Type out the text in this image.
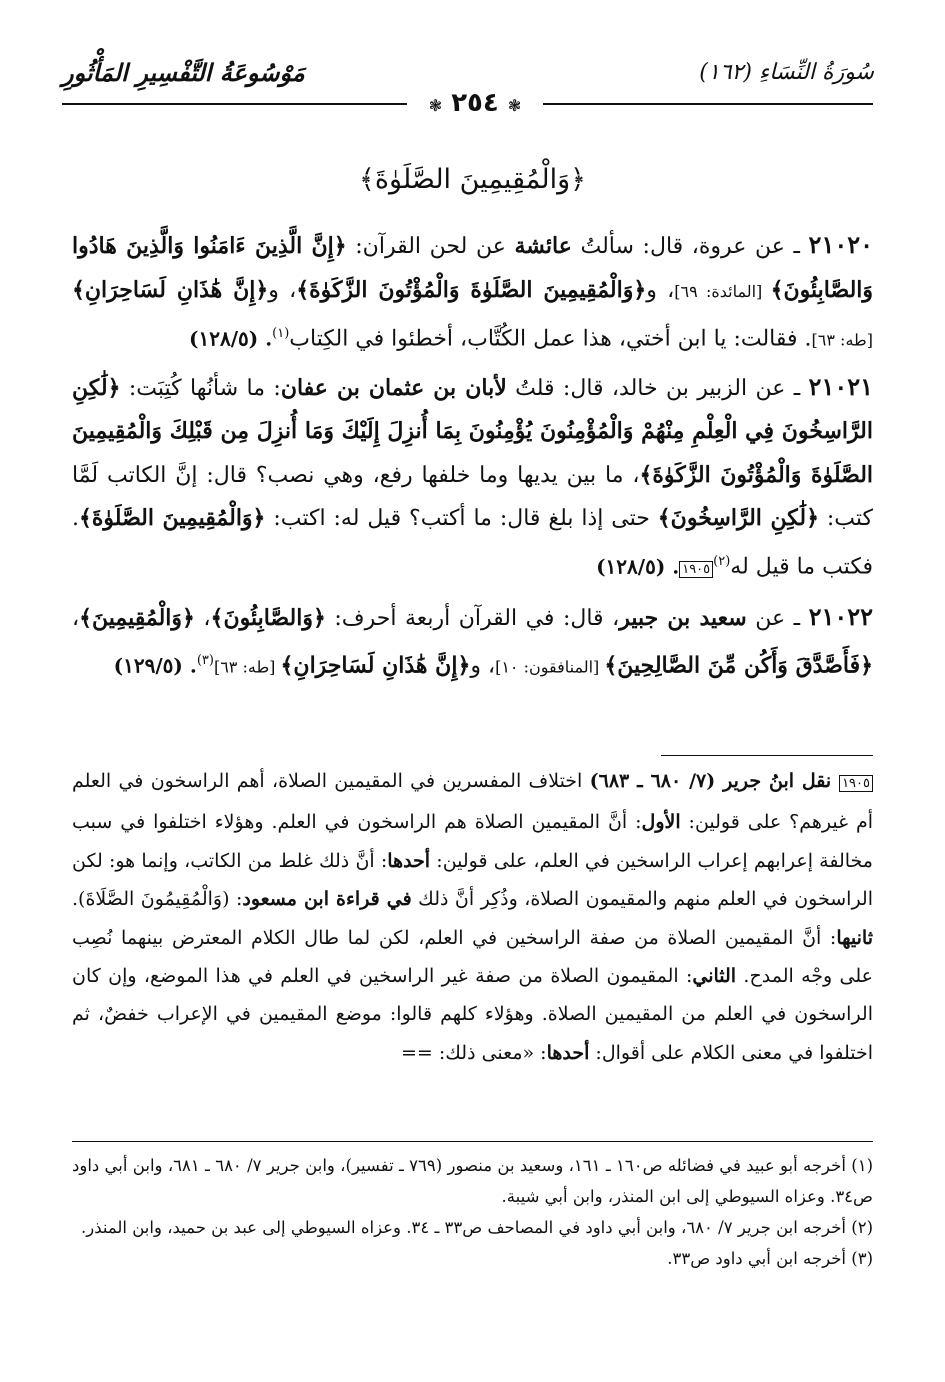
سُورَةُ النِّسَاءِ (١٦٢)
مَوْسُوعَةُ التَّفْسِيرِ المَأْثُورِ
❃ ٢٥٤ ❃
﴿وَالْمُقِيمِينَ الصَّلَوٰةَ﴾

٢١٠٢٠ ـ عن عروة، قال: سألتُ عائشة عن لحن القرآن: ﴿إِنَّ الَّذِينَ ءَامَنُوا وَالَّذِينَ هَادُوا وَالصَّابِئُونَ﴾ [المائدة: ٦٩]، و﴿وَالْمُقِيمِينَ الصَّلَوٰةَ وَالْمُؤْتُونَ الزَّكَوٰةَ﴾، و﴿إِنَّ هَٰذَانِ لَسَاحِرَانِ﴾ [طه: ٦٣]. فقالت: يا ابن أختي، هذا عمل الكُتَّاب، أخطئوا في الكِتاب$^{(١)}$. (١٢٨/٥)

٢١٠٢١ ـ عن الزبير بن خالد، قال: قلتُ لأبان بن عثمان بن عفان: ما شأنُها كُتِبَت: ﴿لَٰكِنِ الرَّاسِخُونَ فِي الْعِلْمِ مِنْهُمْ وَالْمُؤْمِنُونَ يُؤْمِنُونَ بِمَا أُنزِلَ إِلَيْكَ وَمَا أُنزِلَ مِن قَبْلِكَ وَالْمُقِيمِينَ الصَّلَوٰةَ وَالْمُؤْتُونَ الزَّكَوٰةَ﴾، ما بين يديها وما خلفها رفع، وهي نصب؟ قال: إنَّ الكاتب لَمَّا كتب: ﴿لَٰكِنِ الرَّاسِخُونَ﴾ حتى إذا بلغ قال: ما أكتب؟ قيل له: اكتب: ﴿وَالْمُقِيمِينَ الصَّلَوٰةَ﴾. فكتب ما قيل له$^{(٢)}$١٩٠٥. (١٢٨/٥)

٢١٠٢٢ ـ عن سعيد بن جبير، قال: في القرآن أربعة أحرف: ﴿وَالصَّابِئُونَ﴾، ﴿وَالْمُقِيمِينَ﴾، ﴿فَأَصَّدَّقَ وَأَكُن مِّنَ الصَّالِحِينَ﴾ [المنافقون: ١٠]، و﴿إِنَّ هَٰذَانِ لَسَاحِرَانِ﴾ [طه: ٦٣]$^{(٣)}$. (١٢٩/٥)

١٩٠٥ نقل ابنُ جرير (٧/ ٦٨٠ ـ ٦٨٣) اختلاف المفسرين في المقيمين الصلاة، أهم الراسخون في العلم أم غيرهم؟ على قولين: الأول: أنَّ المقيمين الصلاة هم الراسخون في العلم. وهؤلاء اختلفوا في سبب مخالفة إعرابهم إعراب الراسخين في العلم، على قولين: أحدها: أنَّ ذلك غلط من الكاتب، وإنما هو: لكن الراسخون في العلم منهم والمقيمون الصلاة، وذُكِر أنَّ ذلك في قراءة ابن مسعود: (وَالْمُقِيمُونَ الصَّلَاةَ). ثانيها: أنَّ المقيمين الصلاة من صفة الراسخين في العلم، لكن لما طال الكلام المعترض بينهما نُصِب على وجْه المدح. الثاني: المقيمون الصلاة من صفة غير الراسخين في العلم في هذا الموضع، وإن كان الراسخون في العلم من المقيمين الصلاة. وهؤلاء كلهم قالوا: موضع المقيمين في الإعراب خفضٌ، ثم اختلفوا في معنى الكلام على أقوال: أحدها: «معنى ذلك: ==

(١) أخرجه أبو عبيد في فضائله ص١٦٠ ـ ١٦١، وسعيد بن منصور (٧٦٩ ـ تفسير)، وابن جرير ٧/ ٦٨٠ ـ ٦٨١، وابن أبي داود ص٣٤. وعزاه السيوطي إلى ابن المنذر، وابن أبي شيبة.

(٢) أخرجه ابن جرير ٧/ ٦٨٠، وابن أبي داود في المصاحف ص٣٣ ـ ٣٤. وعزاه السيوطي إلى عبد بن حميد، وابن المنذر.

(٣) أخرجه ابن أبي داود ص٣٣.
